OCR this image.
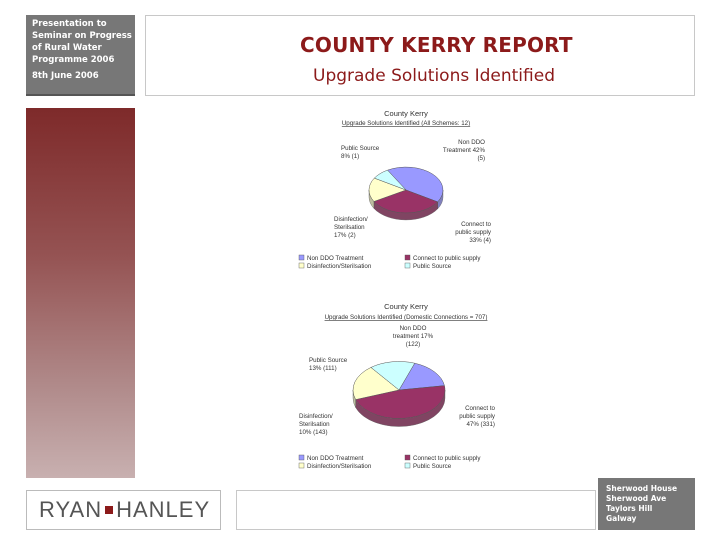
Presentation to
Seminar on Progress
of Rural Water
Programme 2006
8th June 2006
COUNTY KERRY REPORT
Upgrade Solutions Identified
County Kerry
Upgrade Solutions Identified (All Schemes: 12)
Non DDO Treatment 42% (5)
Connect to public supply 33% (4)
Disinfection/ Sterilsation 17% (2)
Public Source 8% (1)
Non DDO Treatment	Connect to public supply
Disinfection/Sterilsation	Public Source
County Kerry
Upgrade Solutions Identified (Domestic Connections = 707)
Non DDO treatment 17% (122)
Connect to public supply 47% (331)
Disinfection/ Sterilsation 10% (143)
Public Source 13% (111)
Non DDO Treatment	Connect to public supply
Disinfection/Sterilsation	Public Source
RYAN HANLEY
Sherwood House
Sherwood Ave
Taylors Hill
Galway
